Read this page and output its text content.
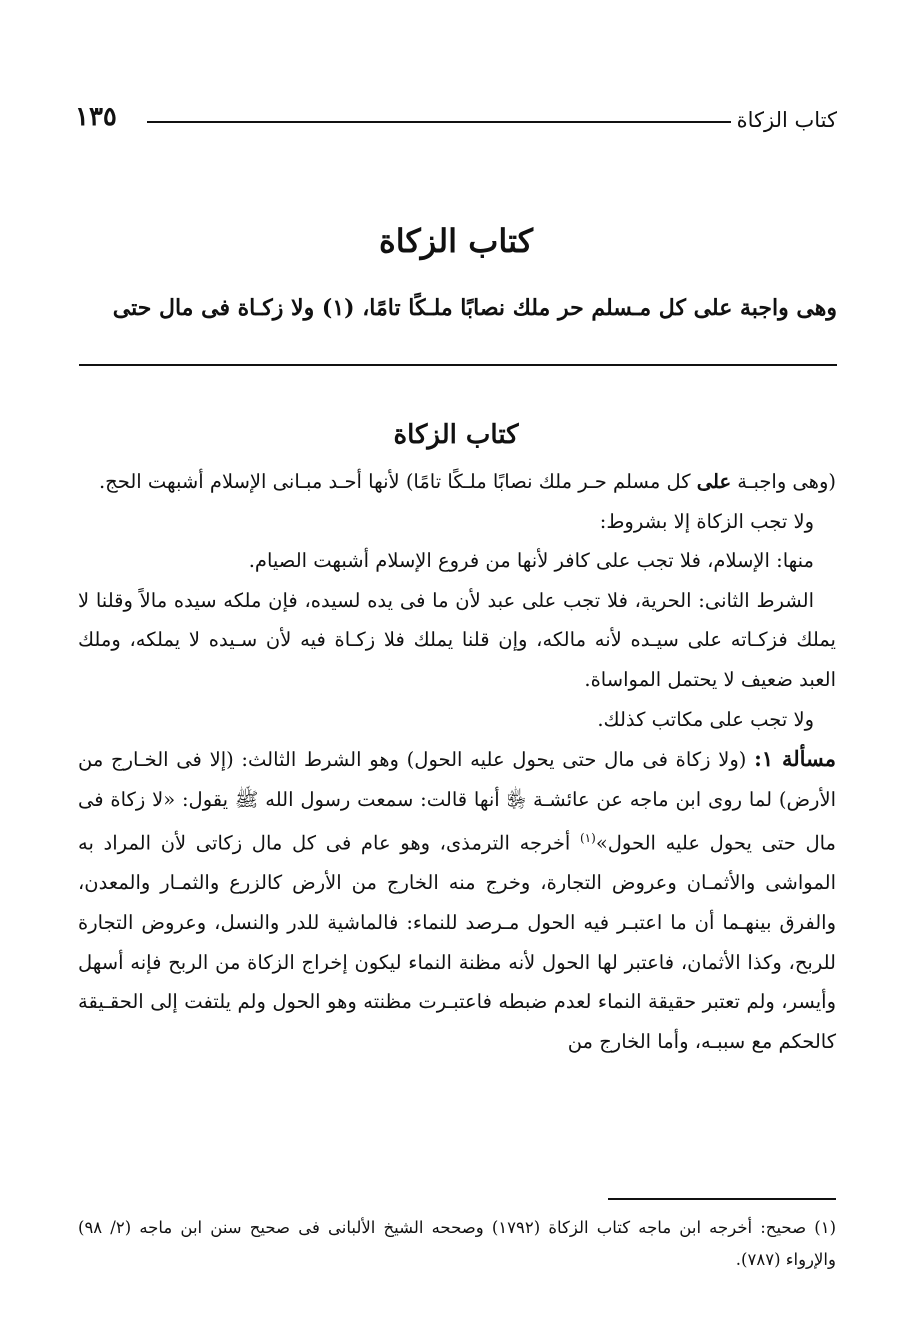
كتاب الزكاة
١٣٥
كتاب الزكاة
وهى واجبة على كل مـسلم حر ملك نصابًا ملـكًا تامًا، (١) ولا زكـاة فى مال حتى
كتاب الزكاة

(وهى واجبـة على كل مسلم حـر ملك نصابًا ملـكًا تامًا) لأنها أحـد مبـانى الإسلام أشبهت الحج.

ولا تجب الزكاة إلا بشروط:

منها: الإسلام، فلا تجب على كافر لأنها من فروع الإسلام أشبهت الصيام.

الشرط الثانى: الحرية، فلا تجب على عبد لأن ما فى يده لسيده، فإن ملكه سيده مالاً وقلنا لا يملك فزكـاته على سيـده لأنه مالكه، وإن قلنا يملك فلا زكـاة فيه لأن سـيده لا يملكه، وملك العبد ضعيف لا يحتمل المواساة.

ولا تجب على مكاتب كذلك.

مسألة ١: (ولا زكاة فى مال حتى يحول عليه الحول) وهو الشرط الثالث: (إلا فى الخـارج من الأرض) لما روى ابن ماجه عن عائشـة ﵂ أنها قالت: سمعت رسول الله ﷺ يقول: «لا زكاة فى مال حتى يحول عليه الحول»$^{(١)}$ أخرجه الترمذى، وهو عام فى كل مال زكاتى لأن المراد به المواشى والأثمـان وعروض التجارة، وخرج منه الخارج من الأرض كالزرع والثمـار والمعدن، والفرق بينهـما أن ما اعتبـر فيه الحول مـرصد للنماء: فالماشية للدر والنسل، وعروض التجارة للربح، وكذا الأثمان، فاعتبر لها الحول لأنه مظنة النماء ليكون إخراج الزكاة من الربح فإنه أسهل وأيسر، ولم تعتبر حقيقة النماء لعدم ضبطه فاعتبـرت مظنته وهو الحول ولم يلتفت إلى الحقـيقة كالحكم مع سببـه، وأما الخارج من

(١) صحيح: أخرجه ابن ماجه كتاب الزكاة (١٧٩٢) وصححه الشيخ الألبانى فى صحيح سنن ابن ماجه (٢/ ٩٨) والإرواء (٧٨٧).
